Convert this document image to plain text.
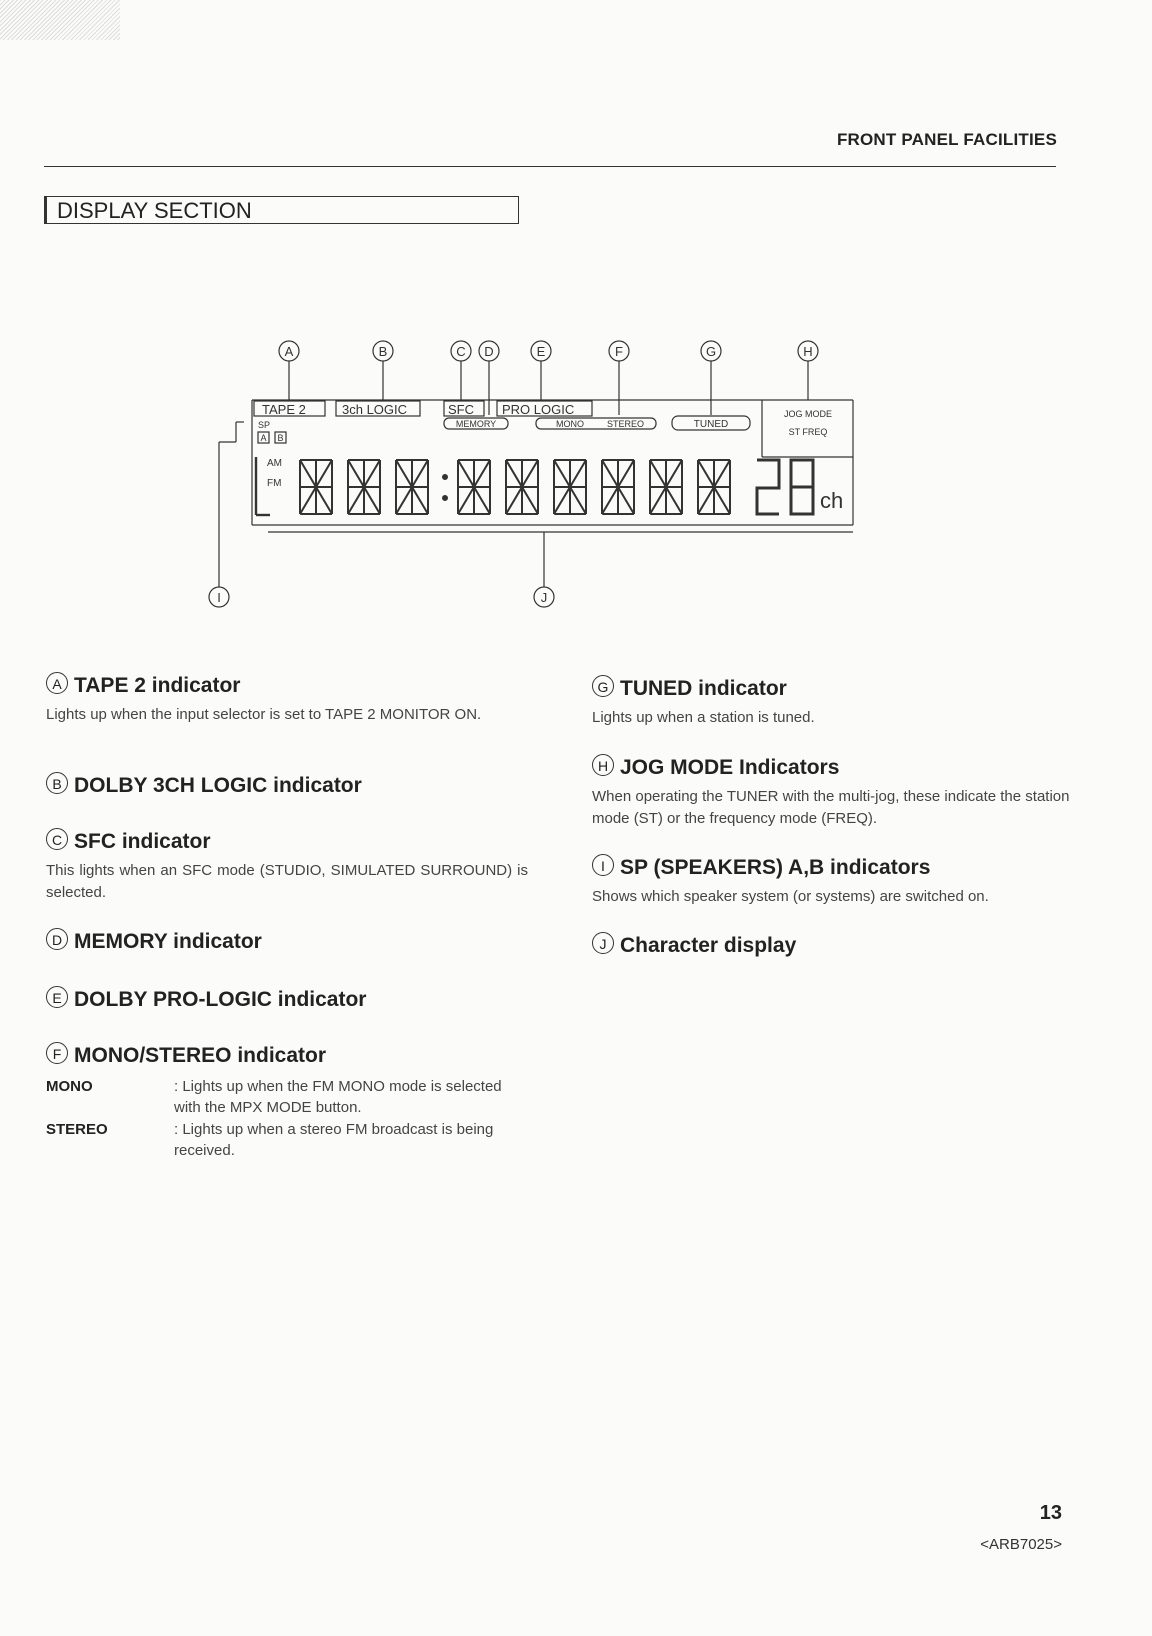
FRONT PANEL FACILITIES
DISPLAY SECTION
A	B	C D	E	F	G	H
I	J
TAPE 2	3ch LOGIC	SFC PRO LOGIC
MEMORY	MONO	STEREO	TUNED
JOG MODE
ST FREQ
SP
A B
AM
FM
ch
A TAPE 2 indicator
Lights up when the input selector is set to TAPE 2 MONITOR ON.
B DOLBY 3CH LOGIC indicator
C SFC indicator
This lights when an SFC mode (STUDIO, SIMULATED SURROUND) is selected.
D MEMORY indicator
E DOLBY PRO-LOGIC indicator
F MONO/STEREO indicator
MONO	: Lights up when the FM MONO mode is selected with the MPX MODE button.
STEREO	: Lights up when a stereo FM broadcast is being received.
G TUNED indicator
Lights up when a station is tuned.
H JOG MODE Indicators
When operating the TUNER with the multi-jog, these indicate the station mode (ST) or the frequency mode (FREQ).
I SP (SPEAKERS) A,B indicators
Shows which speaker system (or systems) are switched on.
J Character display
13
<ARB7025>
